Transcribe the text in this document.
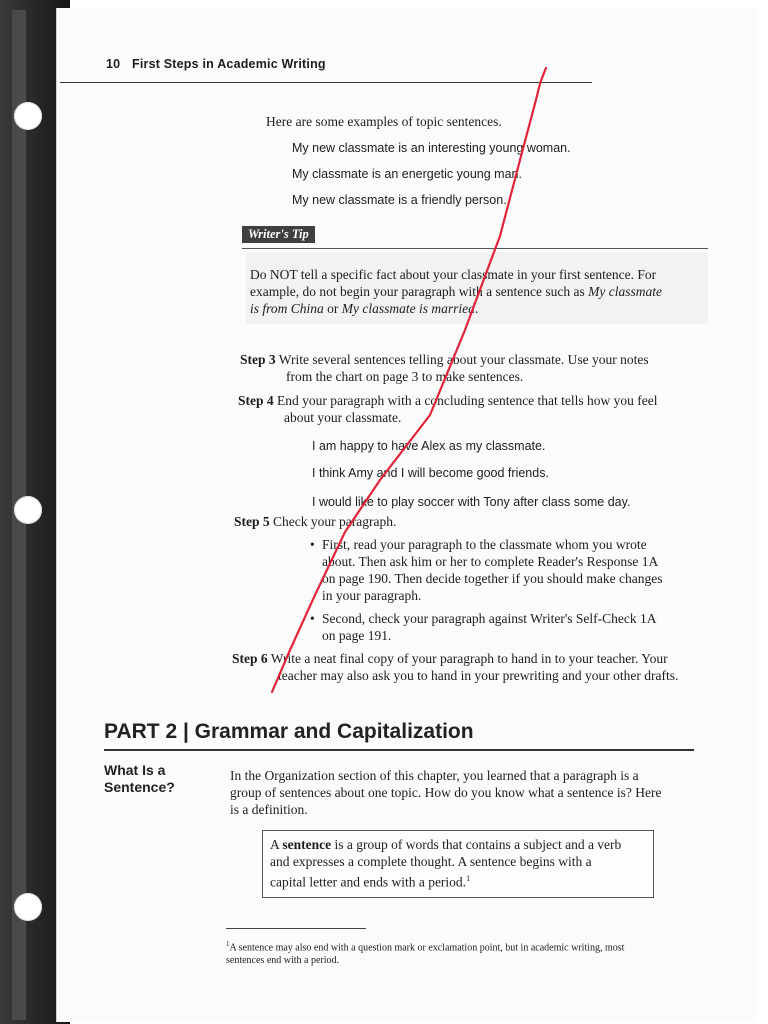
10 First Steps in Academic Writing
Here are some examples of topic sentences.
My new classmate is an interesting young woman.
My classmate is an energetic young man.
My new classmate is a friendly person.
Writer's Tip
Do NOT tell a specific fact about your classmate in your first sentence. For
example, do not begin your paragraph with a sentence such as My classmate
is from China or My classmate is married.
Step 3 Write several sentences telling about your classmate. Use your notes
from the chart on page 3 to make sentences.
Step 4 End your paragraph with a concluding sentence that tells how you feel
about your classmate.
I am happy to have Alex as my classmate.
I think Amy and I will become good friends.
I would like to play soccer with Tony after class some day.
Step 5 Check your paragraph.
• First, read your paragraph to the classmate whom you wrote
about. Then ask him or her to complete Reader's Response 1A
on page 190. Then decide together if you should make changes
in your paragraph.
• Second, check your paragraph against Writer's Self-Check 1A
on page 191.
Step 6 Write a neat final copy of your paragraph to hand in to your teacher. Your
teacher may also ask you to hand in your prewriting and your other drafts.
PART 2 | Grammar and Capitalization
What Is a
Sentence?
In the Organization section of this chapter, you learned that a paragraph is a
group of sentences about one topic. How do you know what a sentence is? Here
is a definition.
A sentence is a group of words that contains a subject and a verb
and expresses a complete thought. A sentence begins with a
capital letter and ends with a period.$^1$
$^1$A sentence may also end with a question mark or exclamation point, but in academic writing, most
sentences end with a period.
